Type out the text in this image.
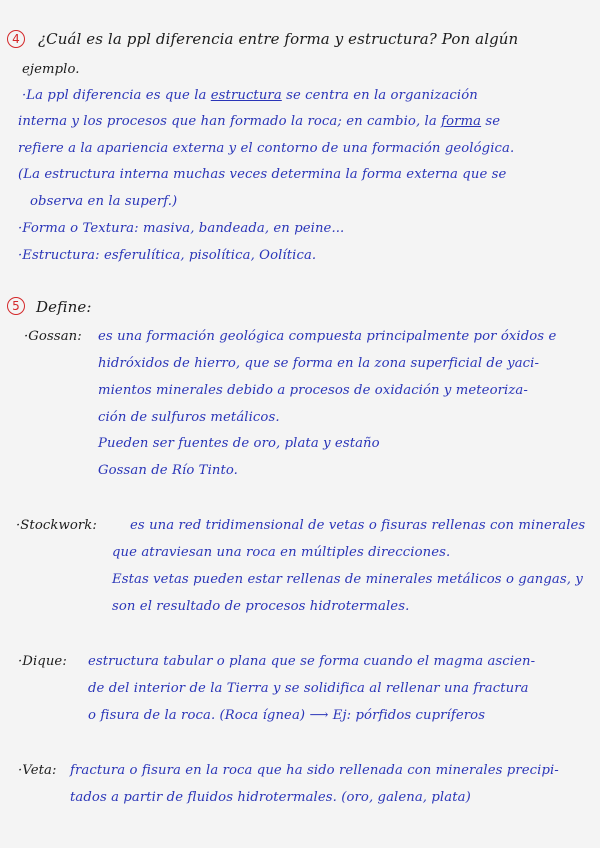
4	¿Cuál es la ppl diferencia entre forma y estructura? Pon algún
ejemplo.
·La ppl diferencia es que la estructura se centra en la organización
interna y los procesos que han formado la roca; en cambio, la forma se
refiere a la apariencia externa y el contorno de una formación geológica.
(La estructura interna muchas veces determina la forma externa que se
observa en la superf.)
·Forma o Textura: masiva, bandeada, en peine...
·Estructura: esferulítica, pisolítica, Oolítica.
5	Define:
·Gossan: es una formación geológica compuesta principalmente por óxidos e
hidróxidos de hierro, que se forma en la zona superficial de yaci-
mientos minerales debido a procesos de oxidación y meteoriza-
ción de sulfuros metálicos.
Pueden ser fuentes de oro, plata y estaño
Gossan de Río Tinto.
·Stockwork:	es una red tridimensional de vetas o fisuras rellenas con minerales
que atraviesan una roca en múltiples direcciones.
Estas vetas pueden estar rellenas de minerales metálicos o gangas, y
son el resultado de procesos hidrotermales.
·Dique: estructura tabular o plana que se forma cuando el magma ascien-
de del interior de la Tierra y se solidifica al rellenar una fractura
o fisura de la roca. (Roca ígnea) ⟶ Ej: pórfidos cupríferos
·Veta: fractura o fisura en la roca que ha sido rellenada con minerales precipi-
tados a partir de fluidos hidrotermales. (oro, galena, plata)
